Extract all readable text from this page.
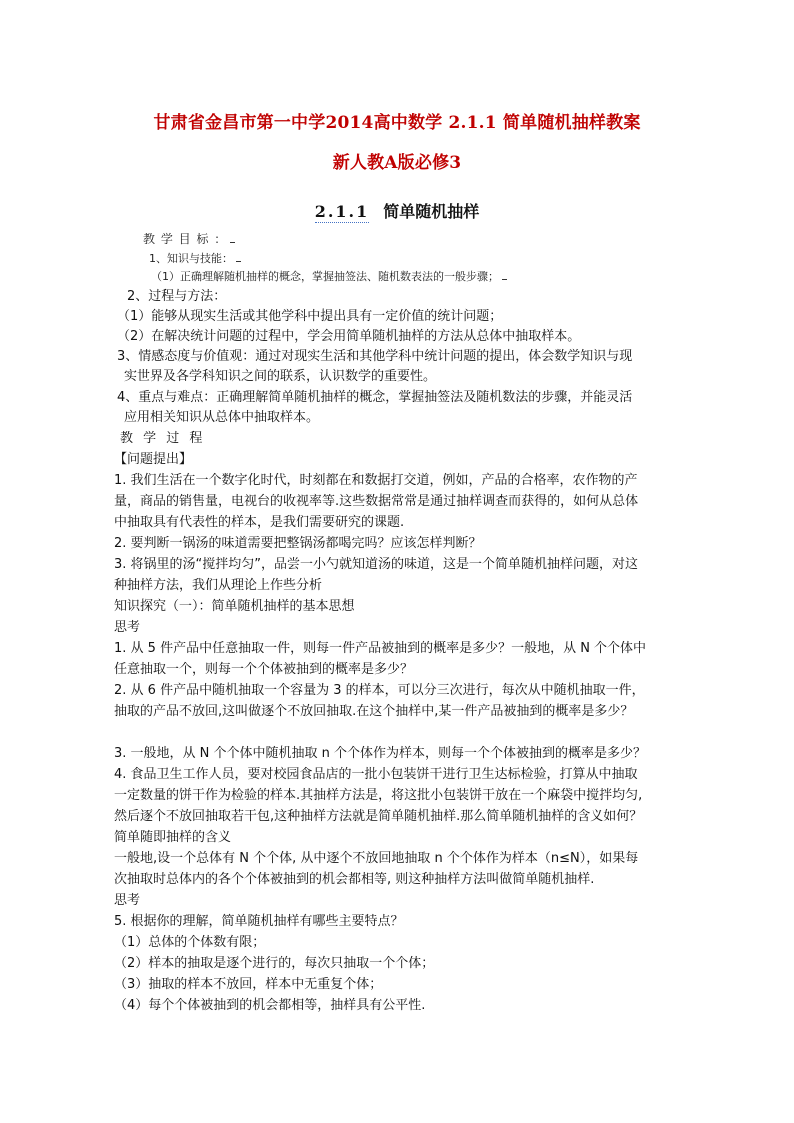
甘肃省金昌市第一中学2014高中数学 2.1.1 简单随机抽样教案
新人教A版必修3
2.1.1 简单随机抽样
教 学 目 标 ：
1、知识与技能：
（1）正确理解随机抽样的概念，掌握抽签法、随机数表法的一般步骤；
2、过程与方法：
（1）能够从现实生活或其他学科中提出具有一定价值的统计问题；
（2）在解决统计问题的过程中，学会用简单随机抽样的方法从总体中抽取样本。
3、情感态度与价值观：通过对现实生活和其他学科中统计问题的提出，体会数学知识与现
实世界及各学科知识之间的联系，认识数学的重要性。
4、重点与难点：正确理解简单随机抽样的概念，掌握抽签法及随机数法的步骤，并能灵活
应用相关知识从总体中抽取样本。
教 学 过 程
【问题提出】
1. 我们生活在一个数字化时代，时刻都在和数据打交道，例如，产品的合格率，农作物的产
量，商品的销售量，电视台的收视率等.这些数据常常是通过抽样调查而获得的，如何从总体
中抽取具有代表性的样本，是我们需要研究的课题.
2. 要判断一锅汤的味道需要把整锅汤都喝完吗？应该怎样判断？
3. 将锅里的汤“搅拌均匀”，品尝一小勺就知道汤的味道，这是一个简单随机抽样问题，对这
种抽样方法，我们从理论上作些分析
知识探究（一）：简单随机抽样的基本思想
思考
1. 从 5 件产品中任意抽取一件，则每一件产品被抽到的概率是多少？一般地，从 N 个个体中
任意抽取一个，则每一个个体被抽到的概率是多少？
2. 从 6 件产品中随机抽取一个容量为 3 的样本，可以分三次进行，每次从中随机抽取一件，
抽取的产品不放回,这叫做逐个不放回抽取.在这个抽样中,某一件产品被抽到的概率是多少？
3. 一般地，从 N 个个体中随机抽取 n 个个体作为样本，则每一个个体被抽到的概率是多少？
4. 食品卫生工作人员，要对校园食品店的一批小包装饼干进行卫生达标检验，打算从中抽取
一定数量的饼干作为检验的样本.其抽样方法是，将这批小包装饼干放在一个麻袋中搅拌均匀,
然后逐个不放回抽取若干包,这种抽样方法就是简单随机抽样.那么简单随机抽样的含义如何？
简单随即抽样的含义
一般地,设一个总体有 N 个个体, 从中逐个不放回地抽取 n 个个体作为样本（n≤N），如果每
次抽取时总体内的各个个体被抽到的机会都相等, 则这种抽样方法叫做简单随机抽样.
思考
5. 根据你的理解，简单随机抽样有哪些主要特点？
（1）总体的个体数有限；
（2）样本的抽取是逐个进行的，每次只抽取一个个体；
（3）抽取的样本不放回，样本中无重复个体；
（4）每个个体被抽到的机会都相等，抽样具有公平性.
